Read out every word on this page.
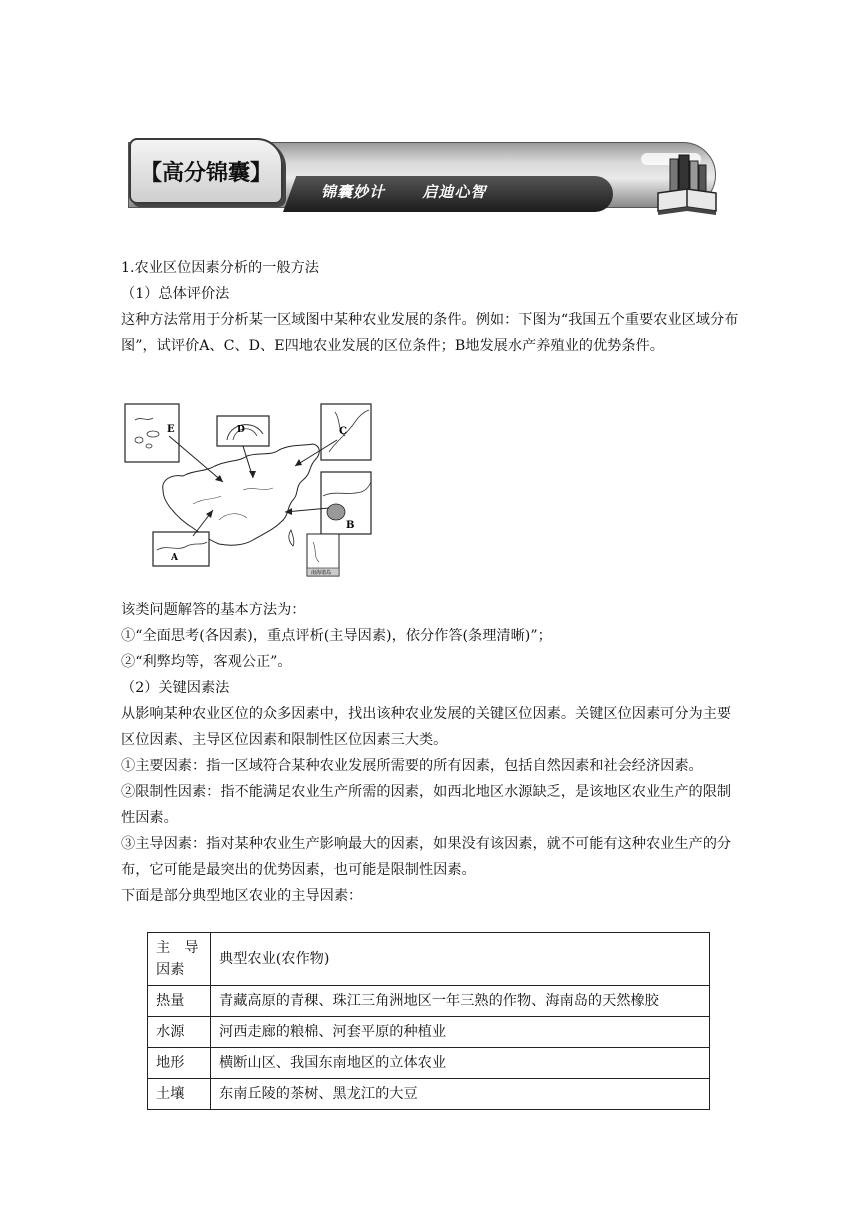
【高分锦囊】
锦囊妙计      启迪心智

1.农业区位因素分析的一般方法

（1）总体评价法

这种方法常用于分析某一区域图中某种农业发展的条件。例如：下图为“我国五个重要农业区域分布图”，试评价A、C、D、E四地农业发展的区位条件；B地发展水产养殖业的优势条件。

E	D	C
B
A
南海诸岛

该类问题解答的基本方法为：

①“全面思考(各因素)，重点评析(主导因素)，依分作答(条理清晰)”；

②“利弊均等，客观公正”。

（2）关键因素法

从影响某种农业区位的众多因素中，找出该种农业发展的关键区位因素。关键区位因素可分为主要区位因素、主导区位因素和限制性区位因素三大类。

①主要因素：指一区域符合某种农业发展所需要的所有因素，包括自然因素和社会经济因素。

②限制性因素：指不能满足农业生产所需的因素，如西北地区水源缺乏，是该地区农业生产的限制性因素。

③主导因素：指对某种农业生产影响最大的因素，如果没有该因素，就不可能有这种农业生产的分布，它可能是最突出的优势因素，也可能是限制性因素。

下面是部分典型地区农业的主导因素：

主　导因素	典型农业(农作物)
热量	青藏高原的青稞、珠江三角洲地区一年三熟的作物、海南岛的天然橡胶
水源	河西走廊的粮棉、河套平原的种植业
地形	横断山区、我国东南地区的立体农业
土壤	东南丘陵的茶树、黑龙江的大豆
